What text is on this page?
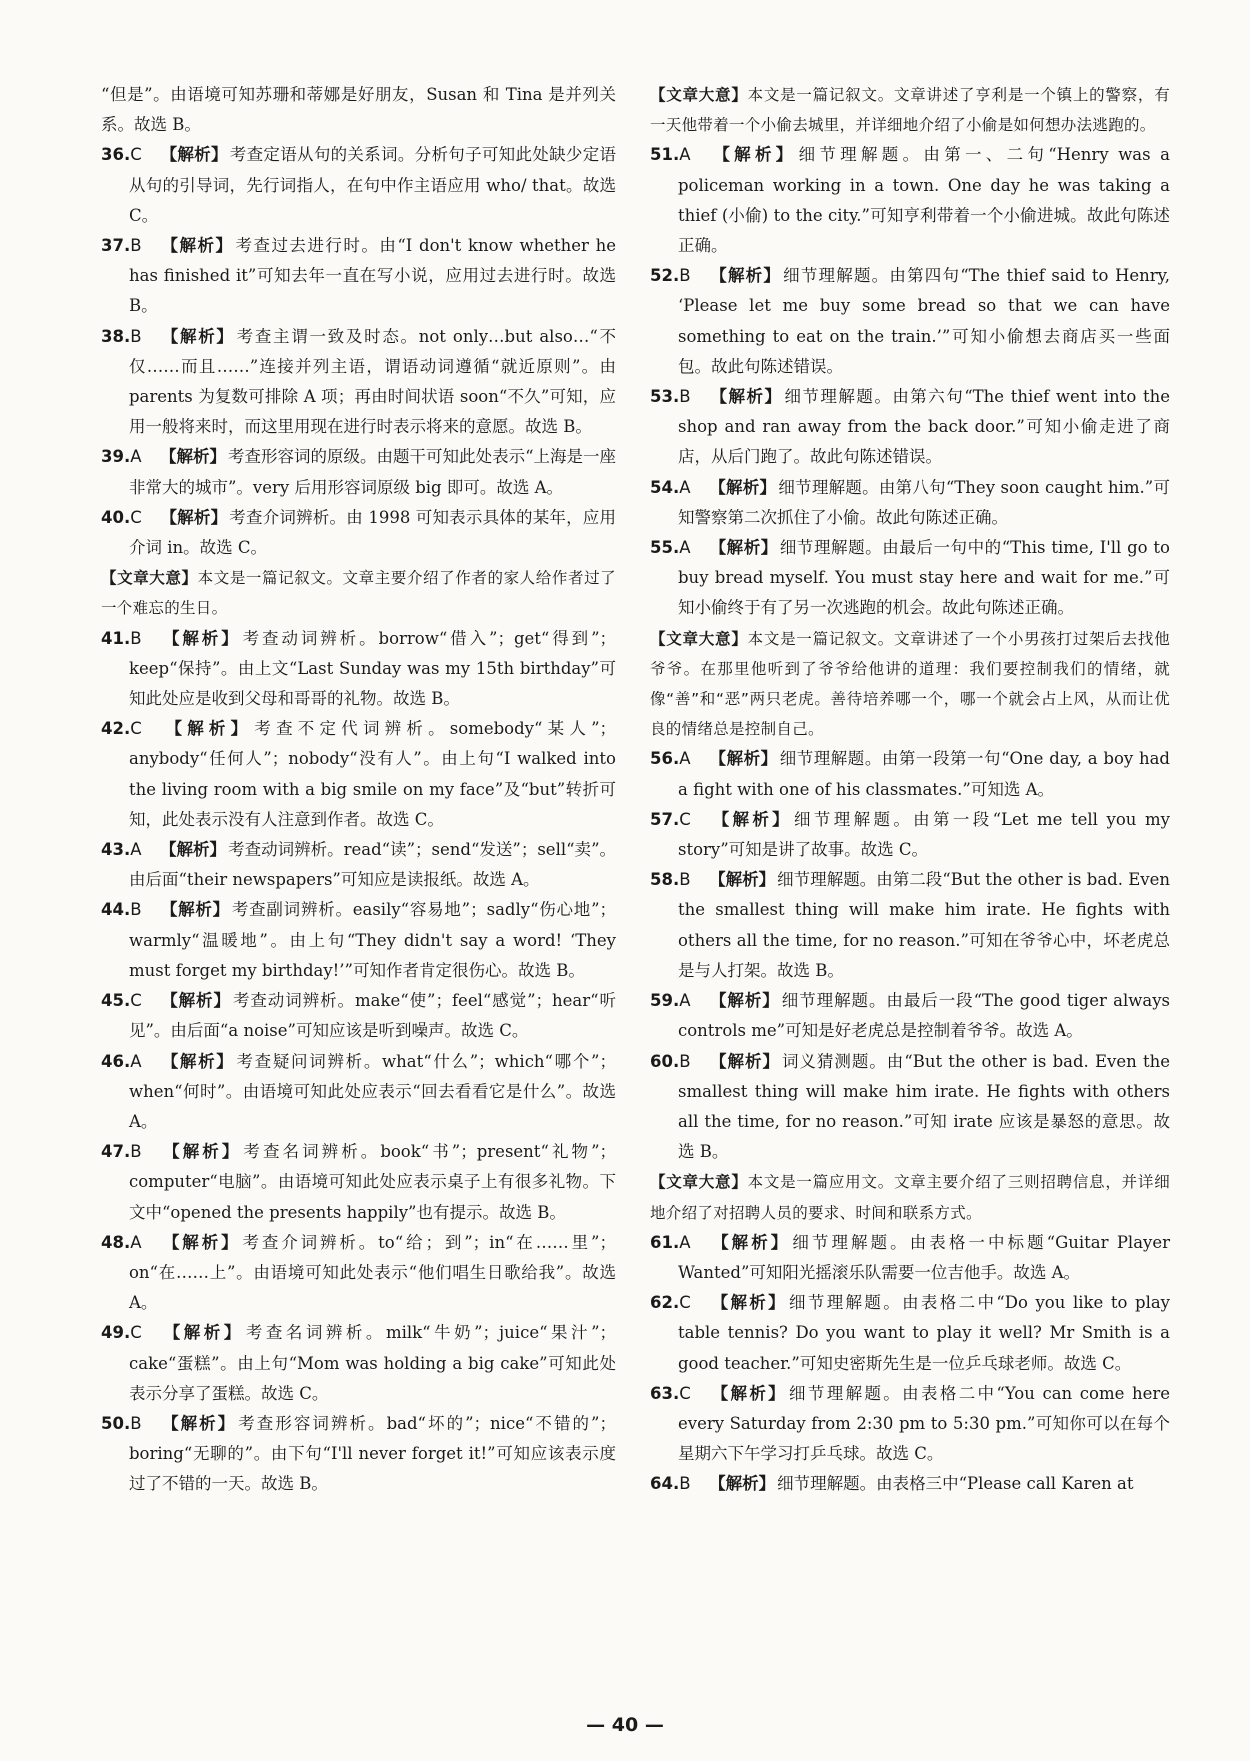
“但是”。由语境可知苏珊和蒂娜是好朋友，Susan 和 Tina 是并列关系。故选 B。

36.C  【解析】 考查定语从句的关系词。分析句子可知此处缺少定语从句的引导词，先行词指人，在句中作主语应用 who/ that。故选 C。

37.B  【解析】 考查过去进行时。由“I don't know whether he has finished it”可知去年一直在写小说，应用过去进行时。故选 B。

38.B  【解析】 考查主谓一致及时态。not only…but also…“不仅……而且……”连接并列主语，谓语动词遵循“就近原则”。由 parents 为复数可排除 A 项；再由时间状语 soon“不久”可知，应用一般将来时，而这里用现在进行时表示将来的意愿。故选 B。

39.A  【解析】 考查形容词的原级。由题干可知此处表示“上海是一座非常大的城市”。very 后用形容词原级 big 即可。故选 A。

40.C  【解析】 考查介词辨析。由 1998 可知表示具体的某年，应用介词 in。故选 C。

【文章大意】本文是一篇记叙文。文章主要介绍了作者的家人给作者过了一个难忘的生日。

41.B  【解析】 考查动词辨析。borrow“借入”；get“得到”；keep“保持”。由上文“Last Sunday was my 15th birthday”可知此处应是收到父母和哥哥的礼物。故选 B。

42.C  【解析】 考查不定代词辨析。somebody“某人”；anybody“任何人”；nobody“没有人”。由上句“I walked into the living room with a big smile on my face”及“but”转折可知，此处表示没有人注意到作者。故选 C。

43.A  【解析】 考查动词辨析。read“读”；send“发送”；sell“卖”。由后面“their newspapers”可知应是读报纸。故选 A。

44.B  【解析】 考查副词辨析。easily“容易地”；sadly“伤心地”；warmly“温暖地”。由上句“They didn't say a word! ‘They must forget my birthday!’”可知作者肯定很伤心。故选 B。

45.C  【解析】 考查动词辨析。make“使”；feel“感觉”；hear“听见”。由后面“a noise”可知应该是听到噪声。故选 C。

46.A  【解析】 考查疑问词辨析。what“什么”；which“哪个”；when“何时”。由语境可知此处应表示“回去看看它是什么”。故选 A。

47.B  【解析】 考查名词辨析。book“书”；present“礼物”；computer“电脑”。由语境可知此处应表示桌子上有很多礼物。下文中“opened the presents happily”也有提示。故选 B。

48.A  【解析】 考查介词辨析。to“给；到”；in“在……里”；on“在……上”。由语境可知此处表示“他们唱生日歌给我”。故选 A。

49.C  【解析】 考查名词辨析。milk“牛奶”；juice“果汁”；cake“蛋糕”。由上句“Mom was holding a big cake”可知此处表示分享了蛋糕。故选 C。

50.B  【解析】 考查形容词辨析。bad“坏的”；nice“不错的”；boring“无聊的”。由下句“I'll never forget it!”可知应该表示度过了不错的一天。故选 B。

【文章大意】本文是一篇记叙文。文章讲述了亨利是一个镇上的警察，有一天他带着一个小偷去城里，并详细地介绍了小偷是如何想办法逃跑的。

51.A  【解析】 细节理解题。由第一、二句“Henry was a policeman working in a town. One day he was taking a thief (小偷) to the city.”可知亨利带着一个小偷进城。故此句陈述正确。

52.B  【解析】 细节理解题。由第四句“The thief said to Henry, ‘Please let me buy some bread so that we can have something to eat on the train.’”可知小偷想去商店买一些面包。故此句陈述错误。

53.B  【解析】 细节理解题。由第六句“The thief went into the shop and ran away from the back door.”可知小偷走进了商店，从后门跑了。故此句陈述错误。

54.A  【解析】 细节理解题。由第八句“They soon caught him.”可知警察第二次抓住了小偷。故此句陈述正确。

55.A  【解析】 细节理解题。由最后一句中的“This time, I'll go to buy bread myself. You must stay here and wait for me.”可知小偷终于有了另一次逃跑的机会。故此句陈述正确。

【文章大意】本文是一篇记叙文。文章讲述了一个小男孩打过架后去找他爷爷。在那里他听到了爷爷给他讲的道理：我们要控制我们的情绪，就像“善”和“恶”两只老虎。善待培养哪一个，哪一个就会占上风，从而让优良的情绪总是控制自己。

56.A  【解析】 细节理解题。由第一段第一句“One day, a boy had a fight with one of his classmates.”可知选 A。

57.C  【解析】 细节理解题。由第一段“Let me tell you my story”可知是讲了故事。故选 C。

58.B  【解析】 细节理解题。由第二段“But the other is bad. Even the smallest thing will make him irate. He fights with others all the time, for no reason.”可知在爷爷心中，坏老虎总是与人打架。故选 B。

59.A  【解析】 细节理解题。由最后一段“The good tiger always controls me”可知是好老虎总是控制着爷爷。故选 A。

60.B  【解析】 词义猜测题。由“But the other is bad. Even the smallest thing will make him irate. He fights with others all the time, for no reason.”可知 irate 应该是暴怒的意思。故选 B。

【文章大意】本文是一篇应用文。文章主要介绍了三则招聘信息，并详细地介绍了对招聘人员的要求、时间和联系方式。

61.A  【解析】 细节理解题。由表格一中标题“Guitar Player Wanted”可知阳光摇滚乐队需要一位吉他手。故选 A。

62.C  【解析】 细节理解题。由表格二中“Do you like to play table tennis? Do you want to play it well? Mr Smith is a good teacher.”可知史密斯先生是一位乒乓球老师。故选 C。

63.C  【解析】 细节理解题。由表格二中“You can come here every Saturday from 2:30 pm to 5:30 pm.”可知你可以在每个星期六下午学习打乒乓球。故选 C。

64.B  【解析】 细节理解题。由表格三中“Please call Karen at

— 40 —
